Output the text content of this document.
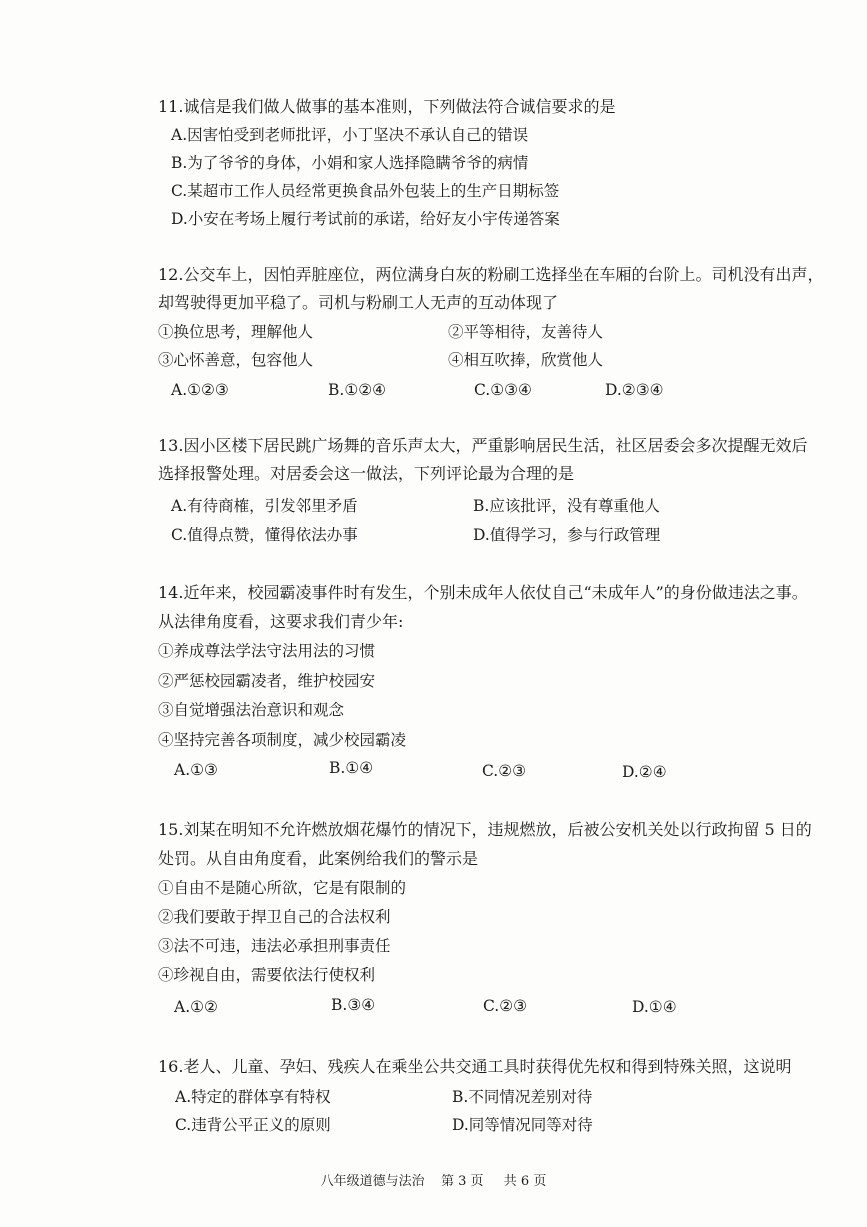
11.诚信是我们做人做事的基本准则，下列做法符合诚信要求的是
A.因害怕受到老师批评，小丁坚决不承认自己的错误
B.为了爷爷的身体，小娟和家人选择隐瞒爷爷的病情
C.某超市工作人员经常更换食品外包装上的生产日期标签
D.小安在考场上履行考试前的承诺，给好友小宇传递答案
12.公交车上，因怕弄脏座位，两位满身白灰的粉刷工选择坐在车厢的台阶上。司机没有出声，
却驾驶得更加平稳了。司机与粉刷工人无声的互动体现了
①换位思考，理解他人	②平等相待，友善待人
③心怀善意，包容他人	④相互吹捧，欣赏他人
A.①②③	B.①②④	C.①③④	D.②③④
13.因小区楼下居民跳广场舞的音乐声太大，严重影响居民生活，社区居委会多次提醒无效后
选择报警处理。对居委会这一做法，下列评论最为合理的是
A.有待商榷，引发邻里矛盾	B.应该批评，没有尊重他人
C.值得点赞，懂得依法办事	D.值得学习，参与行政管理
14.近年来，校园霸凌事件时有发生，个别未成年人依仗自己“未成年人”的身份做违法之事。
从法律角度看，这要求我们青少年:
①养成尊法学法守法用法的习惯
②严惩校园霸凌者，维护校园安
③自觉增强法治意识和观念
④坚持完善各项制度，减少校园霸凌
A.①③	B.①④	C.②③	D.②④
15.刘某在明知不允许燃放烟花爆竹的情况下，违规燃放，后被公安机关处以行政拘留 5 日的
处罚。从自由角度看，此案例给我们的警示是
①自由不是随心所欲，它是有限制的
②我们要敢于捍卫自己的合法权利
③法不可违，违法必承担刑事责任
④珍视自由，需要依法行使权利
A.①②	B.③④	C.②③	D.①④
16.老人、儿童、孕妇、残疾人在乘坐公共交通工具时获得优先权和得到特殊关照，这说明
A.特定的群体享有特权	B.不同情况差别对待
C.违背公平正义的原则	D.同等情况同等对待
八年级道德与法治 第 3 页 共 6 页
